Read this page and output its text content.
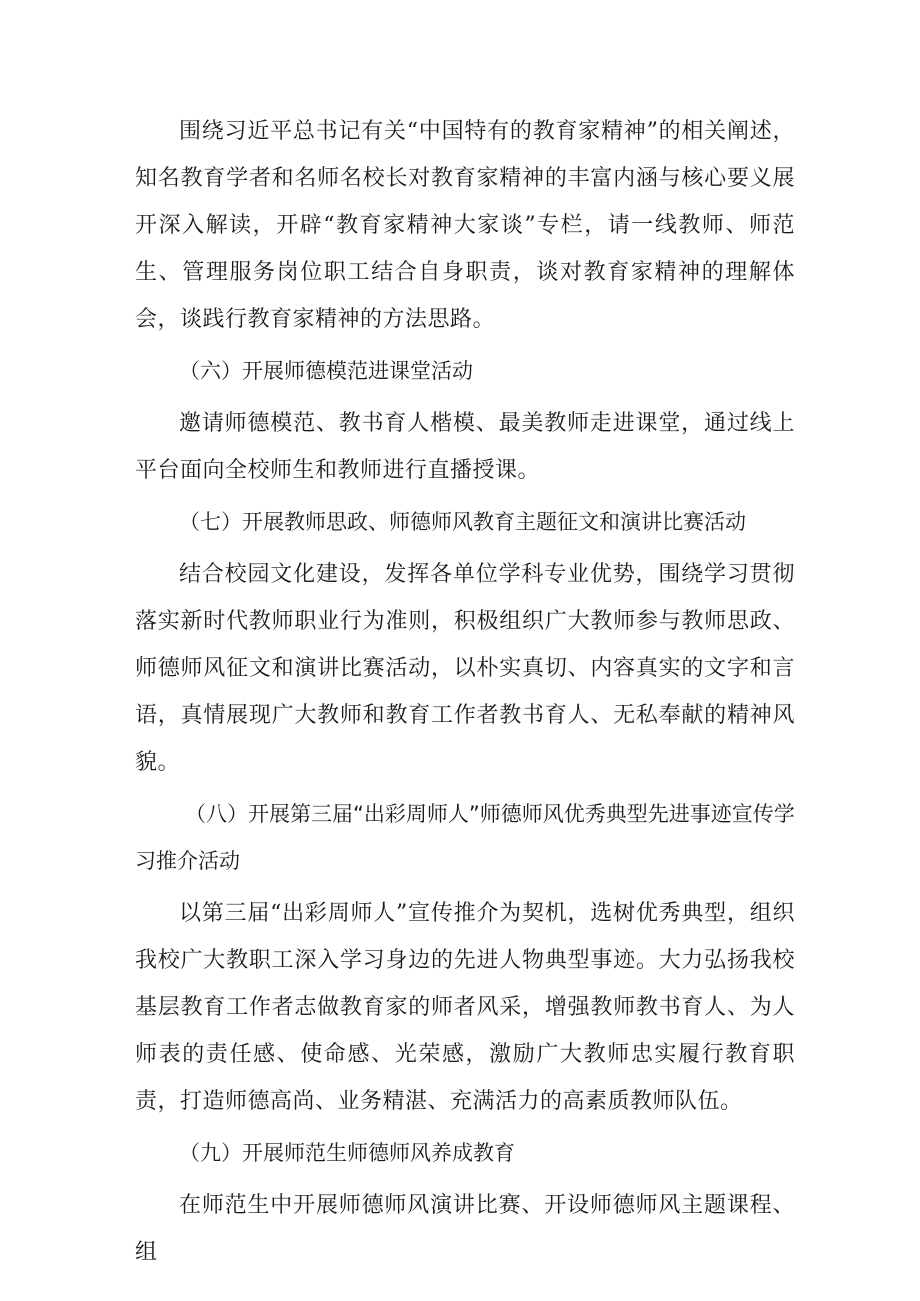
围绕习近平总书记有关“中国特有的教育家精神”的相关阐述，知名教育学者和名师名校长对教育家精神的丰富内涵与核心要义展开深入解读，开辟“教育家精神大家谈”专栏，请一线教师、师范生、管理服务岗位职工结合自身职责，谈对教育家精神的理解体会，谈践行教育家精神的方法思路。

（六）开展师德模范进课堂活动

邀请师德模范、教书育人楷模、最美教师走进课堂，通过线上平台面向全校师生和教师进行直播授课。

（七）开展教师思政、师德师风教育主题征文和演讲比赛活动

结合校园文化建设，发挥各单位学科专业优势，围绕学习贯彻落实新时代教师职业行为准则，积极组织广大教师参与教师思政、师德师风征文和演讲比赛活动，以朴实真切、内容真实的文字和言语，真情展现广大教师和教育工作者教书育人、无私奉献的精神风貌。

（八）开展第三届“出彩周师人”师德师风优秀典型先进事迹宣传学习推介活动

以第三届“出彩周师人”宣传推介为契机，选树优秀典型，组织我校广大教职工深入学习身边的先进人物典型事迹。大力弘扬我校基层教育工作者志做教育家的师者风采，增强教师教书育人、为人师表的责任感、使命感、光荣感，激励广大教师忠实履行教育职责，打造师德高尚、业务精湛、充满活力的高素质教师队伍。

（九）开展师范生师德师风养成教育

在师范生中开展师德师风演讲比赛、开设师德师风主题课程、组
